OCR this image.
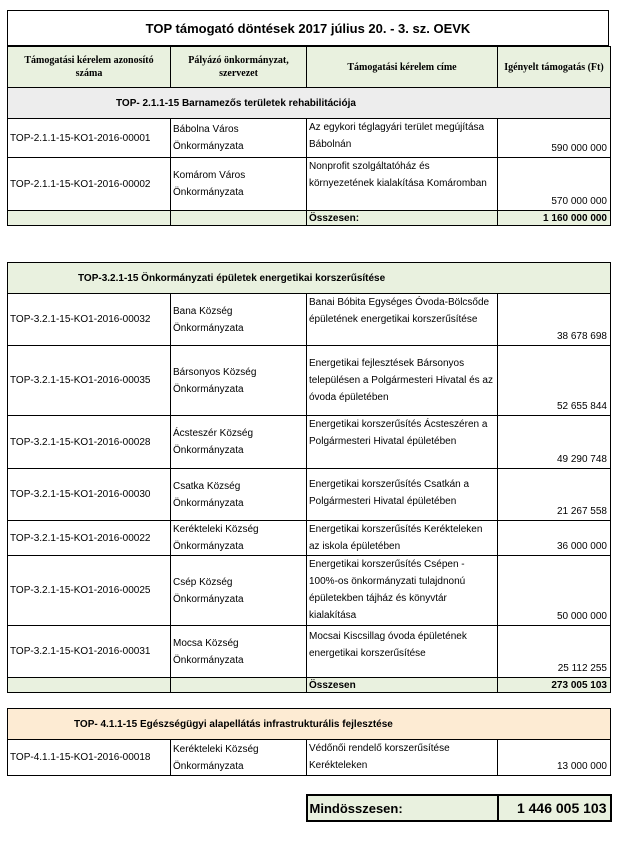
TOP támogató döntések 2017 július 20. - 3. sz. OEVK
Támogatási kérelem azonosító száma	Pályázó önkormányzat, szervezet	Támogatási kérelem címe	Igényelt támogatás (Ft)
TOP- 2.1.1-15 Barnamezős területek rehabilitációja			
TOP-2.1.1-15-KO1-2016-00001	Bábolna Város Önkormányzata	Az egykori téglagyári terület megújítása Bábolnán	590 000 000
TOP-2.1.1-15-KO1-2016-00002	Komárom Város Önkormányzata	Nonprofit szolgáltatóház és környezetének kialakítása Komáromban	570 000 000
		Összesen:	1 160 000 000

TOP-3.2.1-15 Önkormányzati épületek energetikai korszerűsítése			
TOP-3.2.1-15-KO1-2016-00032	Bana Község Önkormányzata	Banai Bóbita Egységes Óvoda-Bölcsőde épületének energetikai korszerűsítése	38 678 698
TOP-3.2.1-15-KO1-2016-00035	Bársonyos Község Önkormányzata	Energetikai fejlesztések Bársonyos településen a Polgármesteri Hivatal és az óvoda épületében	52 655 844
TOP-3.2.1-15-KO1-2016-00028	Ácsteszér Község Önkormányzata	Energetikai korszerűsítés Ácsteszéren a Polgármesteri Hivatal épületében	49 290 748
TOP-3.2.1-15-KO1-2016-00030	Csatka Község Önkormányzata	Energetikai korszerűsítés Csatkán a Polgármesteri Hivatal épületében	21 267 558
TOP-3.2.1-15-KO1-2016-00022	Kerékteleki Község Önkormányzata	Energetikai korszerűsítés Kerékteleken az iskola épületében	36 000 000
TOP-3.2.1-15-KO1-2016-00025	Csép Község Önkormányzata	Energetikai korszerűsítés Csépen - 100%-os önkormányzati tulajdnonú épületekben tájház és könyvtár kialakítása	50 000 000
TOP-3.2.1-15-KO1-2016-00031	Mocsa Község Önkormányzata	Mocsai Kiscsillag óvoda épületének energetikai korszerűsítése	25 112 255
		Összesen	273 005 103

TOP- 4.1.1-15 Egészségügyi alapellátás infrastrukturális fejlesztése			
TOP-4.1.1-15-KO1-2016-00018	Kerékteleki Község Önkormányzata	Védőnői rendelő korszerűsítése Kerékteleken	13 000 000

		Mindösszesen:	1 446 005 103
